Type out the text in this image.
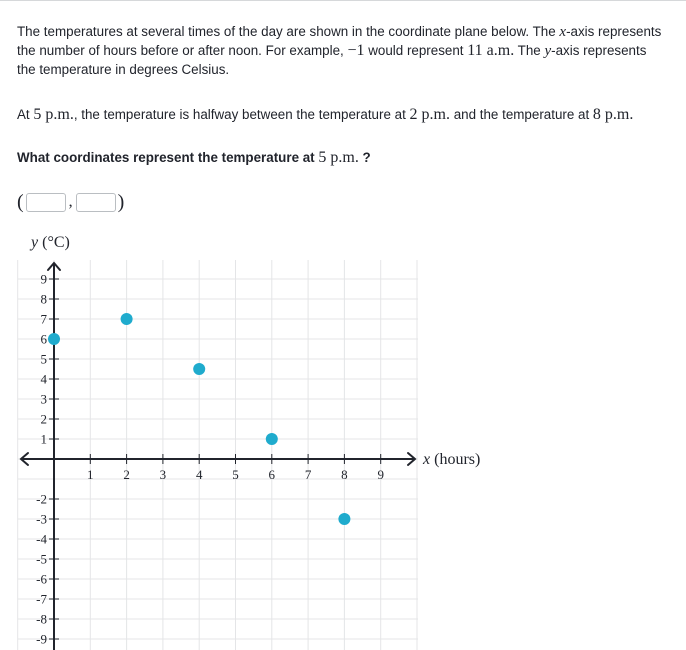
The temperatures at several times of the day are shown in the coordinate plane below. The x-axis represents the number of hours before or after noon. For example, −1 would represent 11 a.m. The y-axis represents the temperature in degrees Celsius.

At 5 p.m., the temperature is halfway between the temperature at 2 p.m. and the temperature at 8 p.m.

What coordinates represent the temperature at 5 p.m. ?

(	, )
1 2 3 4 5 6 7 8 9
9
8
7
6
5
4
3
2
1
-2
-3
-4
-5
-6
-7
-8
-9
y (°C)
x (hours)
